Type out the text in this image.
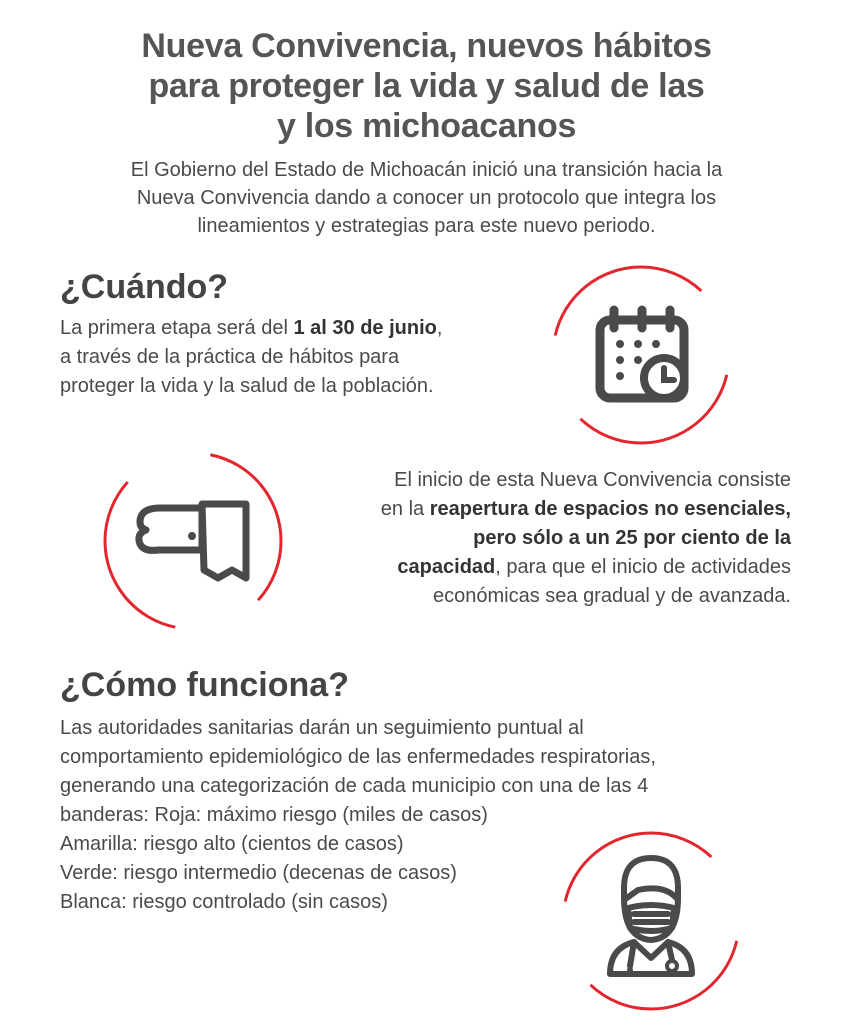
Nueva Convivencia, nuevos hábitos
para proteger la vida y salud de las
y los michoacanos
El Gobierno del Estado de Michoacán inició una transición hacia la
Nueva Convivencia dando a conocer un protocolo que integra los
lineamientos y estrategias para este nuevo periodo.
¿Cuándo?
La primera etapa será del 1 al 30 de junio,
a través de la práctica de hábitos para
proteger la vida y la salud de la población.
El inicio de esta Nueva Convivencia consiste
en la reapertura de espacios no esenciales,
pero sólo a un 25 por ciento de la
capacidad, para que el inicio de actividades
económicas sea gradual y de avanzada.
¿Cómo funciona?
Las autoridades sanitarias darán un seguimiento puntual al
comportamiento epidemiológico de las enfermedades respiratorias,
generando una categorización de cada municipio con una de las 4
banderas: Roja: máximo riesgo (miles de casos)
Amarilla: riesgo alto (cientos de casos)
Verde: riesgo intermedio (decenas de casos)
Blanca: riesgo controlado (sin casos)
